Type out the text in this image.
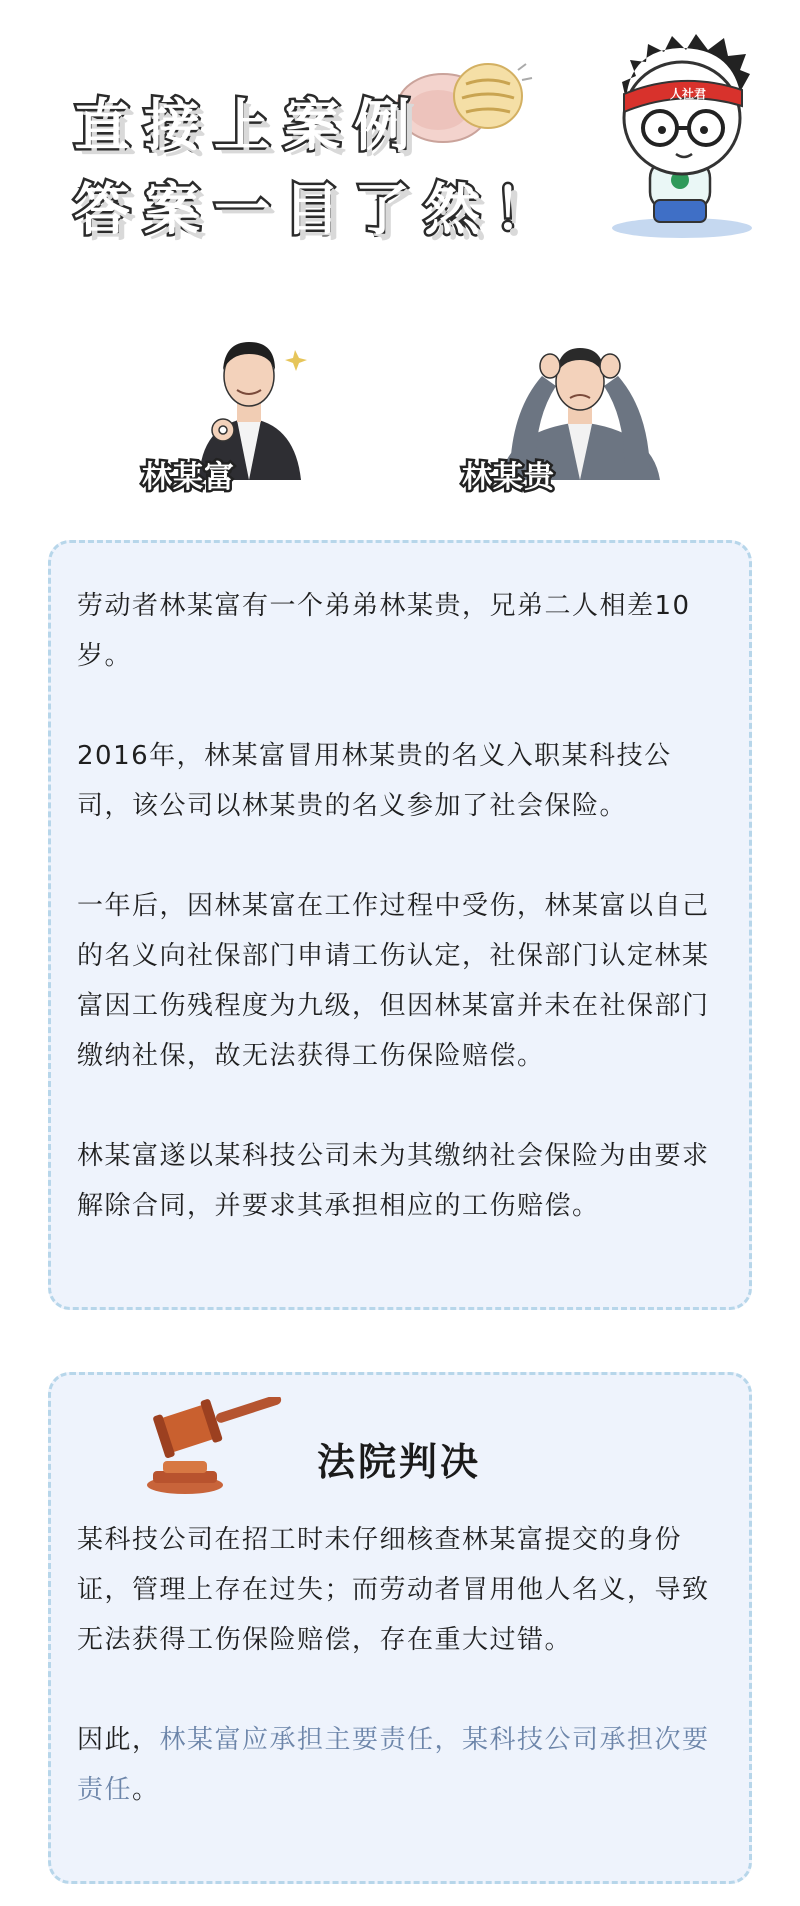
直接上案例
答案一目了然！
人社君
林某富	林某贵

劳动者林某富有一个弟弟林某贵，兄弟二人相差10岁。

2016年，林某富冒用林某贵的名义入职某科技公司，该公司以林某贵的名义参加了社会保险。

一年后，因林某富在工作过程中受伤，林某富以自己的名义向社保部门申请工伤认定，社保部门认定林某富因工伤残程度为九级，但因林某富并未在社保部门缴纳社保，故无法获得工伤保险赔偿。

林某富遂以某科技公司未为其缴纳社会保险为由要求解除合同，并要求其承担相应的工伤赔偿。

法院判决

某科技公司在招工时未仔细核查林某富提交的身份证，管理上存在过失；而劳动者冒用他人名义，导致无法获得工伤保险赔偿，存在重大过错。

因此，林某富应承担主要责任，某科技公司承担次要责任。
